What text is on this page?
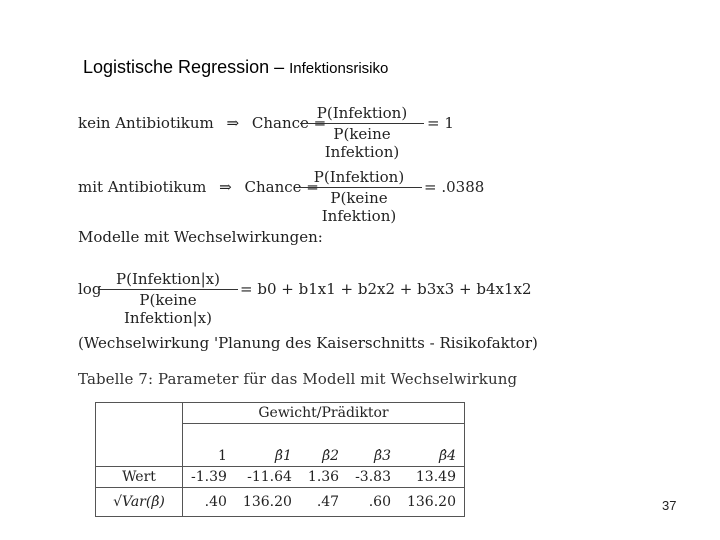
Logistische Regression – Infektionsrisiko
kein Antibiotikum ⇒ Chance =
P(Infektion)
P(keine Infektion)
= 1
mit Antibiotikum ⇒ Chance =
P(Infektion)
P(keine Infektion)
= .0388
Modelle mit Wechselwirkungen:
log
P(Infektion|x)
P(keine Infektion|x)
= b0 + b1x1 + b2x2 + b3x3 + b4x1x2
(Wechselwirkung 'Planung des Kaiserschnitts - Risikofaktor)
Tabelle 7: Parameter für das Modell mit Wechselwirkung
	Gewicht/Prädiktor				

	1	β̂1	β̂2	β̂3	β̂4
Wert	-1.39	-11.64	1.36	-3.83	13.49
√Var(β̂)	.40	136.20	.47	.60	136.20	37
